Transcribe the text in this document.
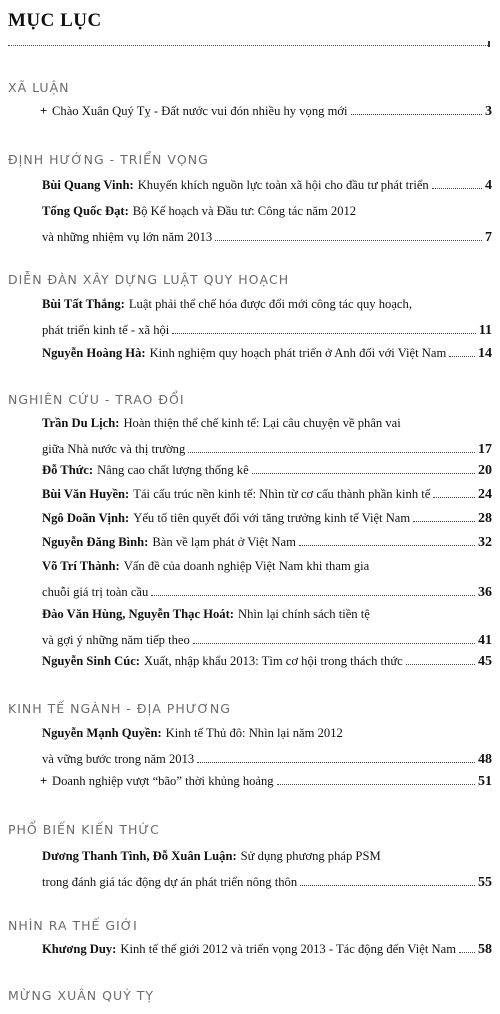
MỤC LỤC
XÃ LUẬN
+ Chào Xuân Quý Tỵ - Đất nước vui đón nhiều hy vọng mới	3
ĐỊNH HƯỚNG - TRIỂN VỌNG
Bùi Quang Vinh: Khuyến khích nguồn lực toàn xã hội cho đầu tư phát triển	4
Tống Quốc Đạt: Bộ Kế hoạch và Đầu tư: Công tác năm 2012
và những nhiệm vụ lớn năm 2013	7
DIỄN ĐÀN XÂY DỰNG LUẬT QUY HOẠCH
Bùi Tất Thắng: Luật phải thể chế hóa được đổi mới công tác quy hoạch,
phát triển kinh tế - xã hội	11
Nguyễn Hoàng Hà: Kinh nghiệm quy hoạch phát triển ở Anh đối với Việt Nam 14
NGHIÊN CỨU - TRAO ĐỔI
Trần Du Lịch: Hoàn thiện thể chế kinh tế: Lại câu chuyện về phân vai
giữa Nhà nước và thị trường	17
Đỗ Thức: Nâng cao chất lượng thống kê	20
Bùi Văn Huyền: Tái cấu trúc nền kinh tế: Nhìn từ cơ cấu thành phần kinh tế	24
Ngô Doãn Vịnh: Yếu tố tiên quyết đối với tăng trưởng kinh tế Việt Nam	28
Nguyễn Đăng Bình: Bàn về lạm phát ở Việt Nam	32
Võ Trí Thành: Vấn đề của doanh nghiệp Việt Nam khi tham gia
chuỗi giá trị toàn cầu	36
Đào Văn Hùng, Nguyễn Thạc Hoát: Nhìn lại chính sách tiền tệ
và gợi ý những năm tiếp theo	41
Nguyễn Sinh Cúc: Xuất, nhập khẩu 2013: Tìm cơ hội trong thách thức	45
KINH TẾ NGÀNH - ĐỊA PHƯƠNG
Nguyễn Mạnh Quyền: Kinh tế Thủ đô: Nhìn lại năm 2012
và vững bước trong năm 2013	48
+ Doanh nghiệp vượt “bão” thời khủng hoảng	51
PHỔ BIẾN KIẾN THỨC
Dương Thanh Tình, Đỗ Xuân Luận: Sử dụng phương pháp PSM
trong đánh giá tác động dự án phát triển nông thôn	55
NHÌN RA THẾ GIỚI
Khương Duy: Kinh tế thế giới 2012 và triển vọng 2013 - Tác động đến Việt Nam 58
MỪNG XUÂN QUÝ TỴ
